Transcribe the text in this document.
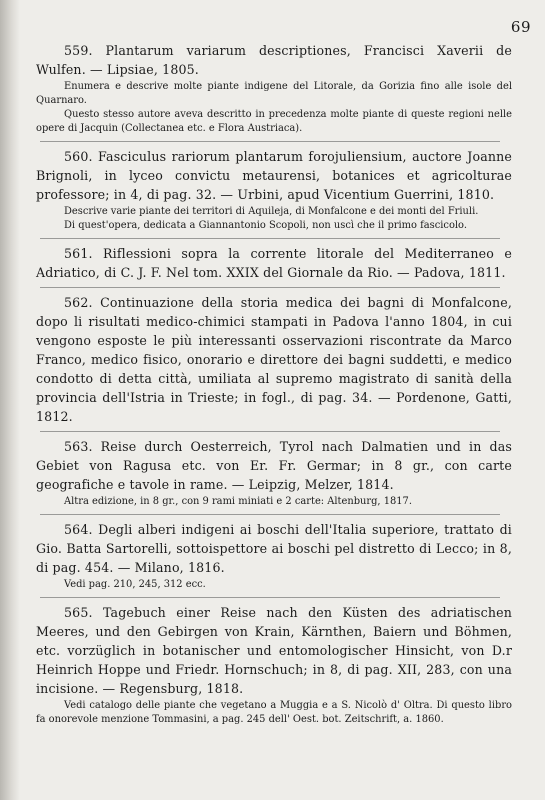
69

559. Plantarum variarum descriptiones, Francisci Xaverii de Wulfen. — Lipsiae, 1805.

Enumera e descrive molte piante indigene del Litorale, da Gorizia fino alle isole del Quarnaro.

Questo stesso autore aveva descritto in precedenza molte piante di queste regioni nelle opere di Jacquin (Collectanea etc. e Flora Austriaca).

560. Fasciculus rariorum plantarum forojuliensium, auctore Joanne Brignoli, in lyceo convictu metaurensi, botanices et agricolturae professore; in 4, di pag. 32. — Urbini, apud Vicentium Guerrini, 1810.

Descrive varie piante dei territori di Aquileja, di Monfalcone e dei monti del Friuli.

Di quest'opera, dedicata a Giannantonio Scopoli, non uscì che il primo fascicolo.

561. Riflessioni sopra la corrente litorale del Mediterraneo e Adriatico, di C. J. F. Nel tom. XXIX del Giornale da Rio. — Padova, 1811.

562. Continuazione della storia medica dei bagni di Monfalcone, dopo li risultati medico-chimici stampati in Padova l'anno 1804, in cui vengono esposte le più interessanti osservazioni riscontrate da Marco Franco, medico fisico, onorario e direttore dei bagni suddetti, e medico condotto di detta città, umiliata al supremo magistrato di sanità della provincia dell'Istria in Trieste; in fogl., di pag. 34. — Pordenone, Gatti, 1812.

563. Reise durch Oesterreich, Tyrol nach Dalmatien und in das Gebiet von Ragusa etc. von Er. Fr. Germar; in 8 gr., con carte geografiche e tavole in rame. — Leipzig, Melzer, 1814.

Altra edizione, in 8 gr., con 9 rami miniati e 2 carte: Altenburg, 1817.

564. Degli alberi indigeni ai boschi dell'Italia superiore, trattato di Gio. Batta Sartorelli, sottoispettore ai boschi pel distretto di Lecco; in 8, di pag. 454. — Milano, 1816.

Vedi pag. 210, 245, 312 ecc.

565. Tagebuch einer Reise nach den Küsten des adriatischen Meeres, und den Gebirgen von Krain, Kärnthen, Baiern und Böhmen, etc. vorzüglich in botanischer und entomologischer Hinsicht, von D.r Heinrich Hoppe und Friedr. Hornschuch; in 8, di pag. XII, 283, con una incisione. — Regensburg, 1818.

Vedi catalogo delle piante che vegetano a Muggia e a S. Nicolò d' Oltra. Di questo libro fa onorevole menzione Tommasini, a pag. 245 dell' Oest. bot. Zeitschrift, a. 1860.
